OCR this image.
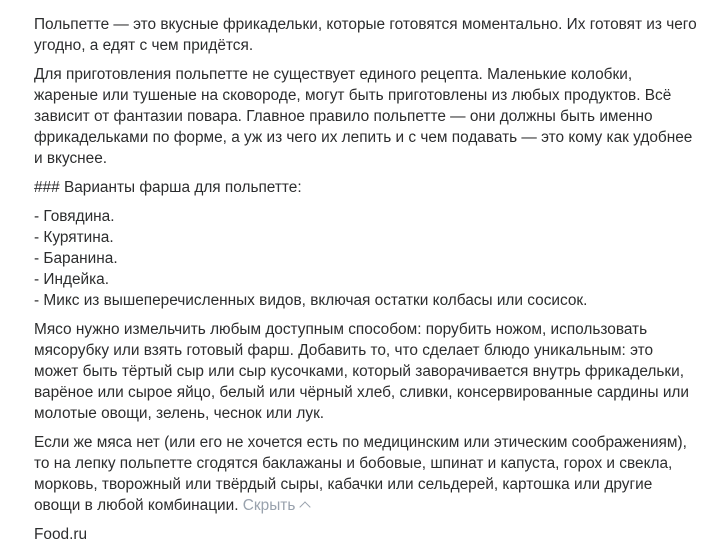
Польпетте — это вкусные фрикадельки, которые готовятся моментально. Их готовят из чего угодно, а едят с чем придётся.

Для приготовления польпетте не существует единого рецепта. Маленькие колобки, жареные или тушеные на сковороде, могут быть приготовлены из любых продуктов. Всё зависит от фантазии повара. Главное правило польпетте — они должны быть именно фрикадельками по форме, а уж из чего их лепить и с чем подавать — это кому как удобнее и вкуснее.

### Варианты фарша для польпетте:

- Говядина.

- Курятина.

- Баранина.

- Индейка.

- Микс из вышеперечисленных видов, включая остатки колбасы или сосисок.

Мясо нужно измельчить любым доступным способом: порубить ножом, использовать мясорубку или взять готовый фарш. Добавить то, что сделает блюдо уникальным: это может быть тёртый сыр или сыр кусочками, который заворачивается внутрь фрикадельки, варёное или сырое яйцо, белый или чёрный хлеб, сливки, консервированные сардины или молотые овощи, зелень, чеснок или лук.

Если же мяса нет (или его не хочется есть по медицинским или этическим соображениям), то на лепку польпетте сгодятся баклажаны и бобовые, шпинат и капуста, горох и свекла, морковь, творожный или твёрдый сыры, кабачки или сельдерей, картошка или другие овощи в любой комбинации. Скрыть

Food.ru
